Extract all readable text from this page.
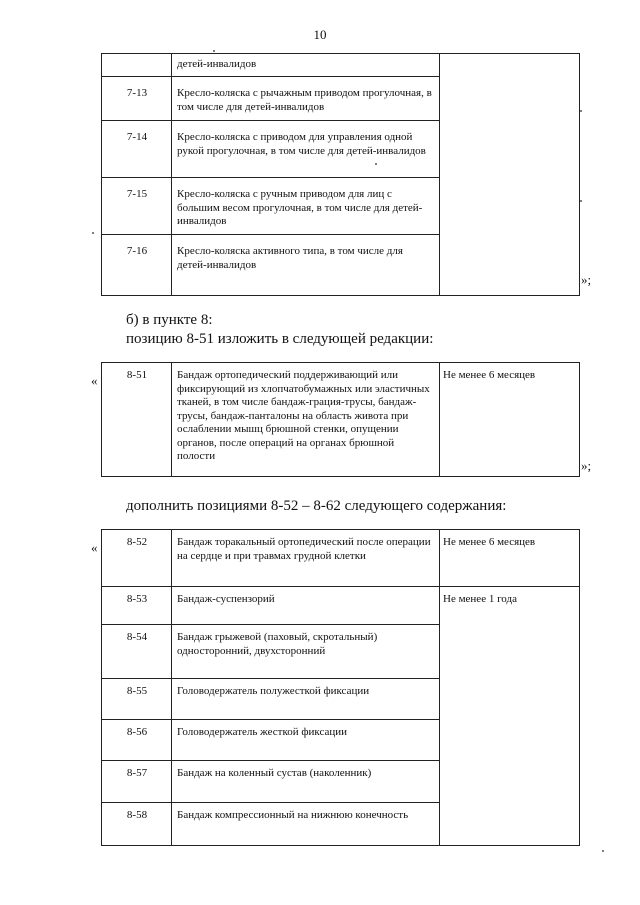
10
	детей-инвалидов	
7-13	Кресло-коляска с рычажным приводом прогулочная, в том числе для детей-инвалидов	
7-14	Кресло-коляска с приводом для управления одной рукой прогулочная, в том числе для детей-инвалидов	
7-15	Кресло-коляска с ручным приводом для лиц с большим весом прогулочная, в том числе для детей-инвалидов	
7-16	Кресло-коляска активного типа, в том числе для детей-инвалидов	
»;
б) в пункте 8:
позицию 8-51 изложить в следующей редакции:
«	8-51	Бандаж ортопедический поддерживающий или фиксирующий из хлопчатобумажных или эластичных тканей, в том числе бандаж-грация-трусы, бандаж-трусы, бандаж-панталоны на область живота при ослаблении мышц брюшной стенки, опущении органов, после операций на органах брюшной полости	Не менее 6 месяцев
»;
дополнить позициями 8-52 – 8-62 следующего содержания:
«	8-52	Бандаж торакальный ортопедический после операции на сердце и при травмах грудной клетки	Не менее 6 месяцев
8-53	Бандаж-суспензорий	Не менее 1 года
8-54	Бандаж грыжевой (паховый, скротальный) односторонний, двухсторонний	
8-55	Головодержатель полужесткой фиксации	
8-56	Головодержатель жесткой фиксации	
8-57	Бандаж на коленный сустав (наколенник)	
8-58	Бандаж компрессионный на нижнюю конечность	
